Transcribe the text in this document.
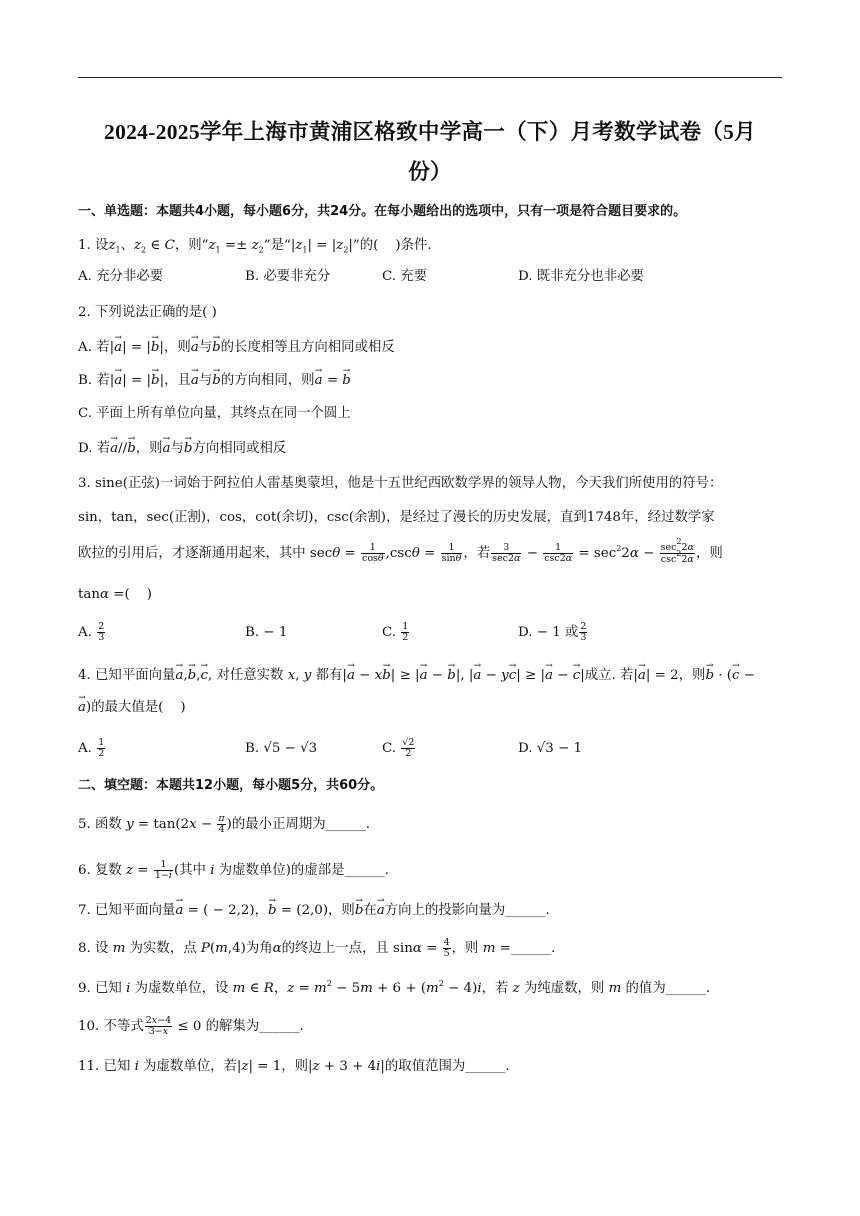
2024-2025学年上海市黄浦区格致中学高一（下）月考数学试卷（5月
份）
一、单选题：本题共4小题，每小题6分，共24分。在每小题给出的选项中，只有一项是符合题目要求的。
1. 设$z_1$、$z_2$ ∈ C，则“$z_1 =\pm z_2$”是“$|z_1| = |z_2|$”的(    )条件.
A. 充分非必要	B. 必要非充分	C. 充要	D. 既非充分也非必要
2. 下列说法正确的是( )
A. 若|→ a| = |→ b|，则→ a与→ b的长度相等且方向相同或相反
B. 若|→ a| = |→ b|，且→ a与→ b的方向相同，则→ a = → b
C. 平面上所有单位向量，其终点在同一个圆上
D. 若→ a//→ b，则→ a与→ b方向相同或相反
3. sine(正弦)一词始于阿拉伯人雷基奥蒙坦，他是十五世纪西欧数学界的领导人物，今天我们所使用的符号：
sin，tan，sec(正割)，cos，cot(余切)，csc(余割)，是经过了漫长的历史发展，直到1748年，经过数学家
欧拉的引用后，才逐渐通用起来，其中 $\sec\theta = \frac{1}{\cos\theta} ,\csc\theta = \frac{1}{\sin\theta}$ ，若 $\frac{3}{\sec 2\alpha} - \frac{1}{\csc 2\alpha} = \sec^22\alpha - \frac{\sec^22\alpha}{\csc^22\alpha}$ ，则
tanα =(    )
A. $\frac{2}{3}$	B. − 1	C. $\frac{1}{2}$	D. − 1 或 $\frac{2}{3}$
4. 已知平面向量→ a,→ b,→ c, 对任意实数 x, y 都有|→ a − x→ b| ≥ |→ a − → b|, |→ a − y→ c| ≥ |→ a − → c|成立. 若|→ a| = 2，则→ b · (→ c −
→ a)的最大值是(    )
A. $\frac{1}{2}$	B. √5 − √3	C. $\frac{√2}{2}$	D. √3 − 1
二、填空题：本题共12小题，每小题5分，共60分。
5. 函数 $y = \tan(2x - \frac{\pi}{4}$ )的最小正周期为______.
6. 复数 $z = \frac{1}{1-i}$ (其中 i 为虚数单位)的虚部是______.
7. 已知平面向量→ a = ( − 2,2)，→ b = (2,0)，则→ b在→ a方向上的投影向量为______.
8. 设 m 为实数，点 P(m,4)为角α的终边上一点，且 $\sin\alpha = \frac{4}{5}$ ，则 m =______.
9. 已知 i 为虚数单位，设 m ∈ R，$z = m^2 - 5m + 6 + (m^2 - 4)i$，若 z 为纯虚数，则 m 的值为______.
10. 不等式 $\frac{2x-4}{3-x} \le 0$ 的解集为______.
11. 已知 i 为虚数单位，若|z| = 1，则|z + 3 + 4i|的取值范围为______.
